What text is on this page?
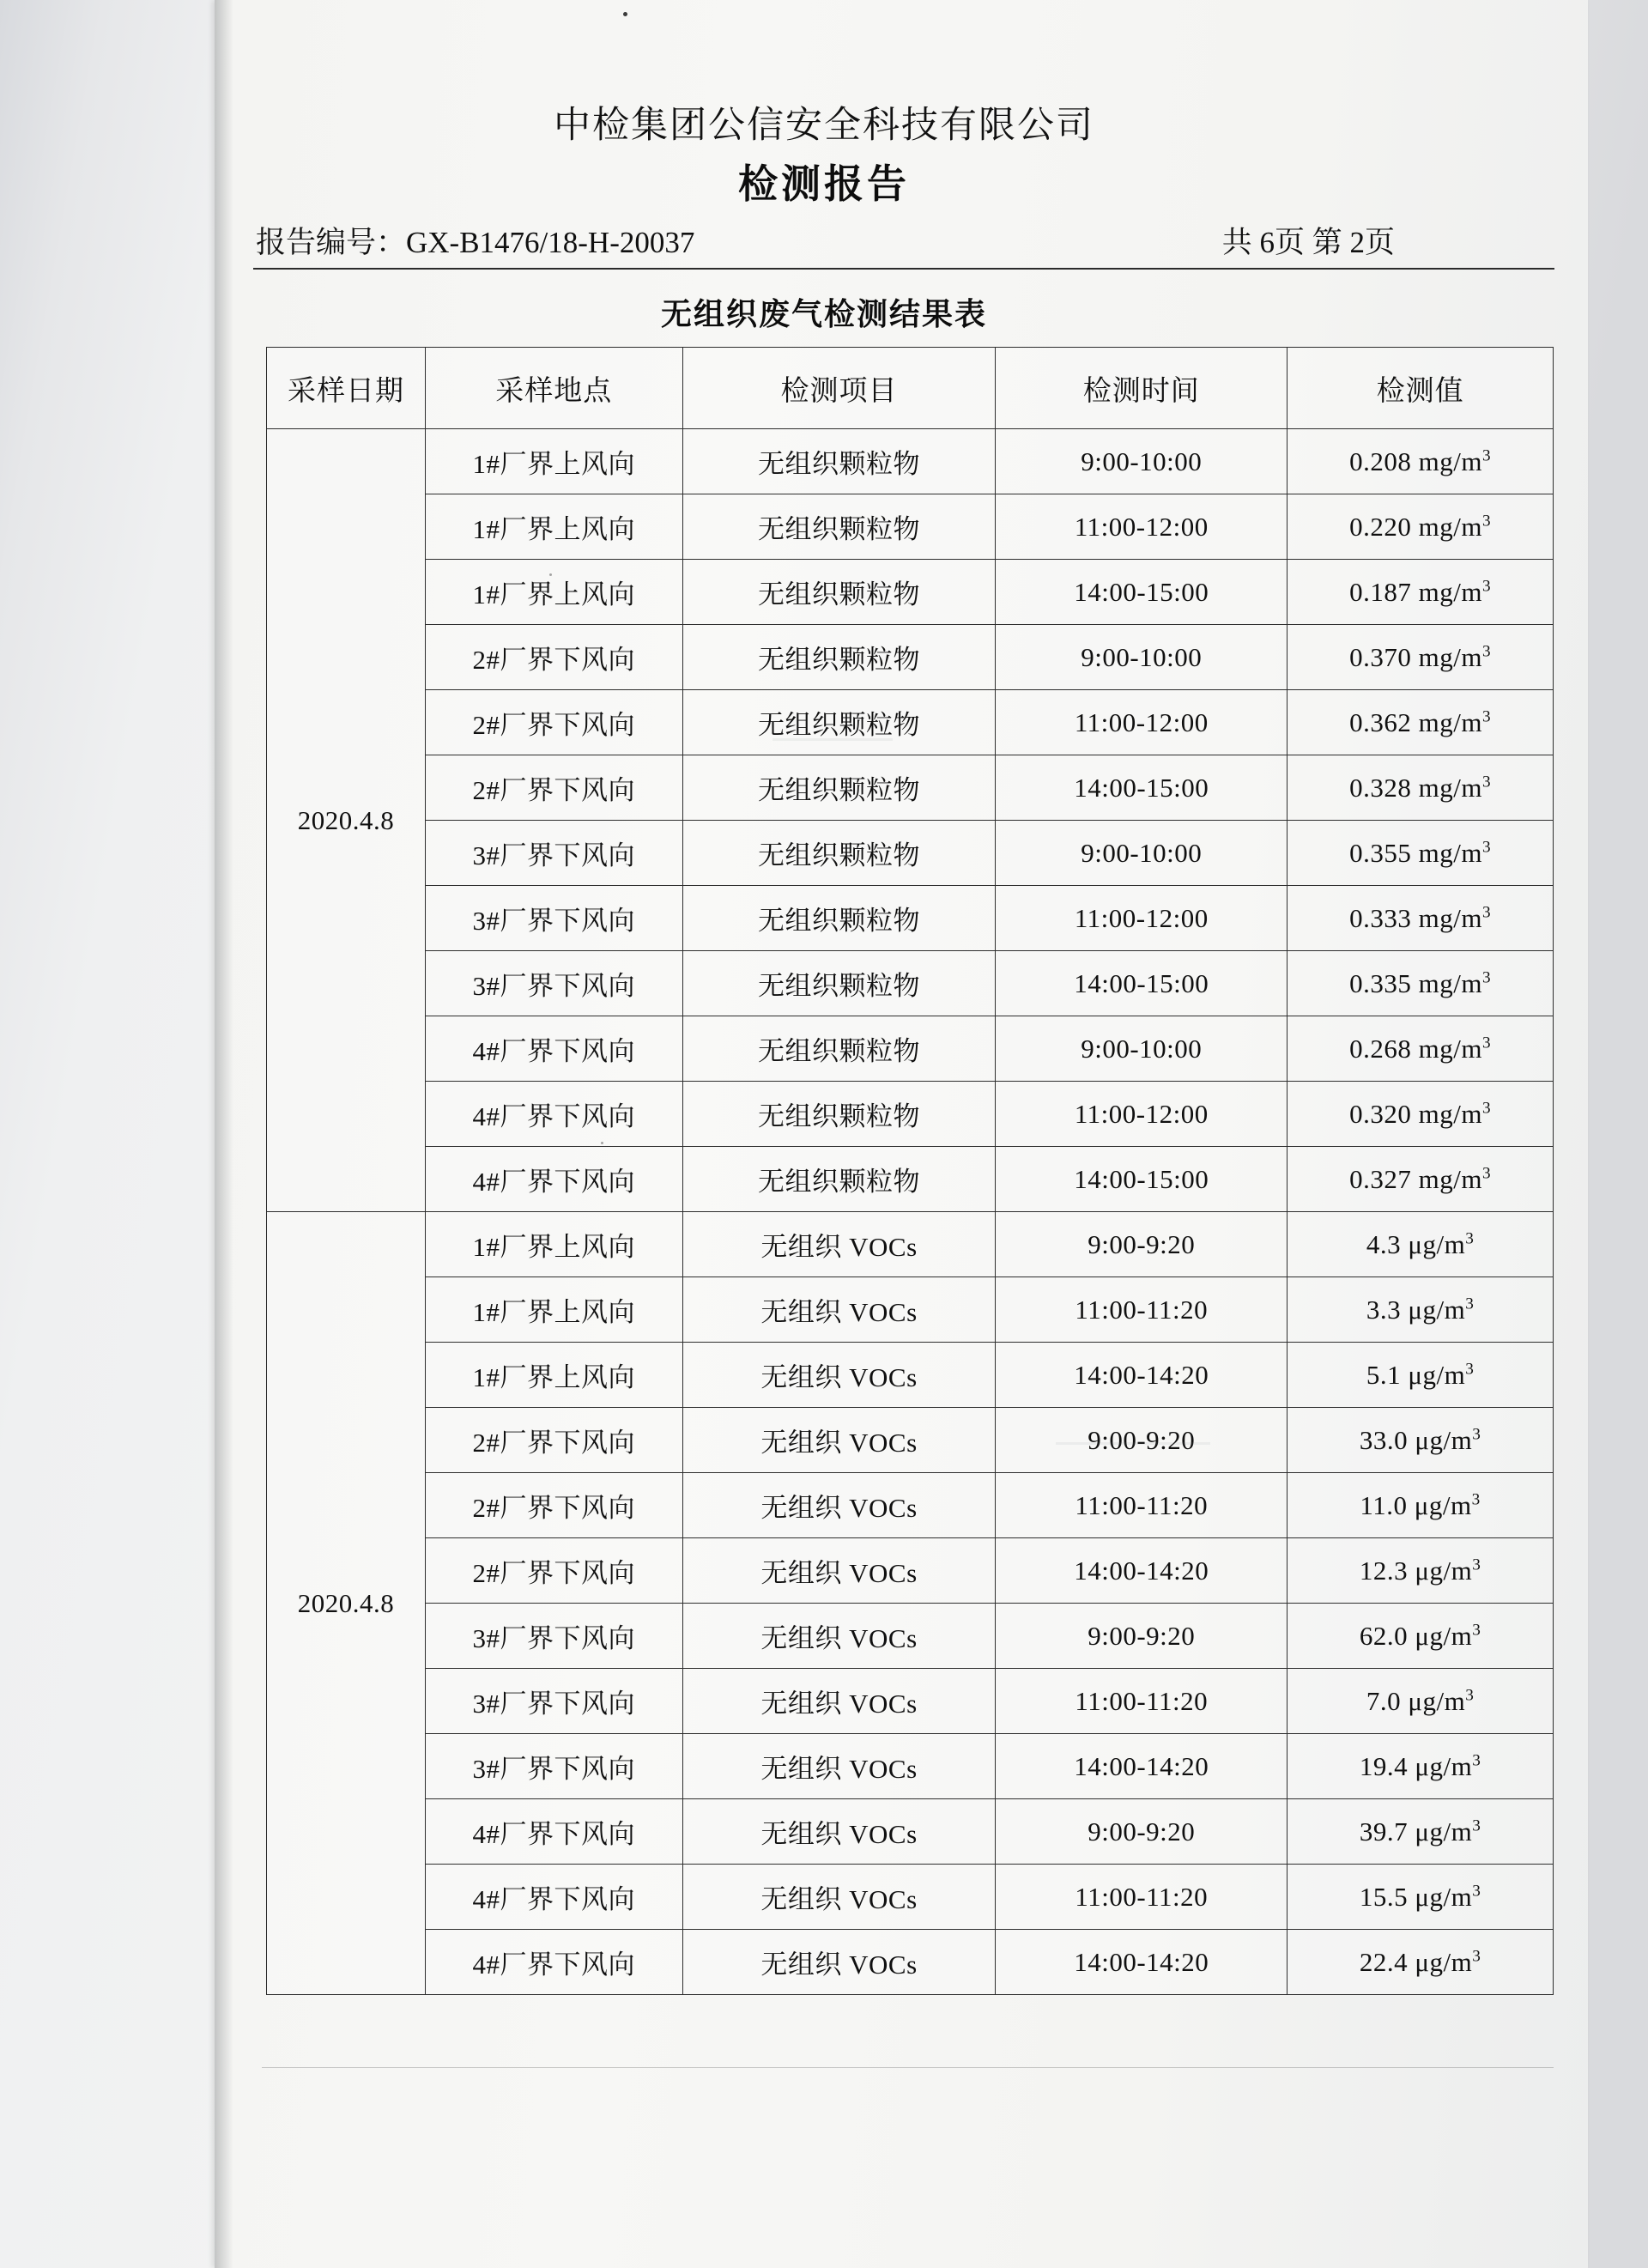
中检集团公信安全科技有限公司
检测报告
报告编号：GX-B1476/18-H-20037	共 6页 第 2页
无组织废气检测结果表
采样日期	采样地点	检测项目	检测时间	检测值
2020.4.8	1#厂界上风向	无组织颗粒物	9:00-10:00	0.208 $mg/m^3$
	1#厂界上风向	无组织颗粒物	11:00-12:00	0.220 $mg/m^3$
	1#厂界上风向	无组织颗粒物	14:00-15:00	0.187 $mg/m^3$
	2#厂界下风向	无组织颗粒物	9:00-10:00	0.370 $mg/m^3$
	2#厂界下风向	无组织颗粒物	11:00-12:00	0.362 $mg/m^3$
	2#厂界下风向	无组织颗粒物	14:00-15:00	0.328 $mg/m^3$
	3#厂界下风向	无组织颗粒物	9:00-10:00	0.355 $mg/m^3$
	3#厂界下风向	无组织颗粒物	11:00-12:00	0.333 $mg/m^3$
	3#厂界下风向	无组织颗粒物	14:00-15:00	0.335 $mg/m^3$
	4#厂界下风向	无组织颗粒物	9:00-10:00	0.268 $mg/m^3$
	4#厂界下风向	无组织颗粒物	11:00-12:00	0.320 $mg/m^3$
	4#厂界下风向	无组织颗粒物	14:00-15:00	0.327 $mg/m^3$
2020.4.8	1#厂界上风向	无组织 VOCs	9:00-9:20	4.3 $\mu g/m^3$
	1#厂界上风向	无组织 VOCs	11:00-11:20	3.3 $\mu g/m^3$
	1#厂界上风向	无组织 VOCs	14:00-14:20	5.1 $\mu g/m^3$
	2#厂界下风向	无组织 VOCs	9:00-9:20	33.0 $\mu g/m^3$
	2#厂界下风向	无组织 VOCs	11:00-11:20	11.0 $\mu g/m^3$
	2#厂界下风向	无组织 VOCs	14:00-14:20	12.3 $\mu g/m^3$
	3#厂界下风向	无组织 VOCs	9:00-9:20	62.0 $\mu g/m^3$
	3#厂界下风向	无组织 VOCs	11:00-11:20	7.0 $\mu g/m^3$
	3#厂界下风向	无组织 VOCs	14:00-14:20	19.4 $\mu g/m^3$
	4#厂界下风向	无组织 VOCs	9:00-9:20	39.7 $\mu g/m^3$
	4#厂界下风向	无组织 VOCs	11:00-11:20	15.5 $\mu g/m^3$
	4#厂界下风向	无组织 VOCs	14:00-14:20	22.4 $\mu g/m^3$
